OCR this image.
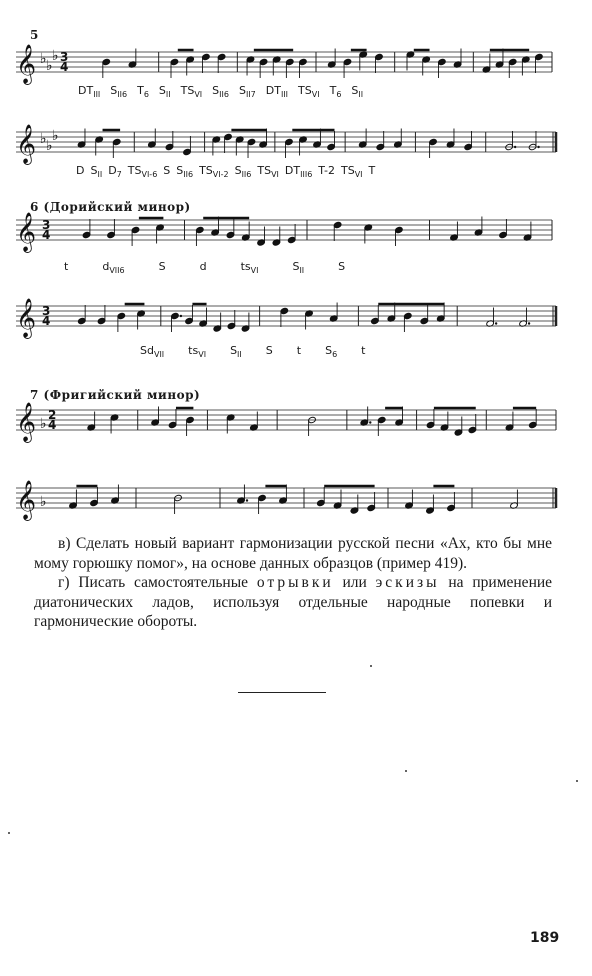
5
𝄞 ♭ ♭
♭ 3
4
$DT_{III}$ $S_{II6}$ $T_6$ $S_{II}$ $TS_{VI}$ $S_{II6}$ $S_{II7}$ $DT_{III}$ $TS_{VI}$ $T_6$ $S_{II}$
𝄞 ♭ ♭
♭
D $S_{II}$ $D_7$ $TS_{VI-6}$ S $S_{II6}$ $TS_{VI-2}$ $S_{II6}$ $TS_{VI}$ $DT_{III6}$ T-2 $TS_{VI}$ T
6 (Дорийский минор)
𝄞 3
4
t	$d_{VII6}$	S	d	$ts_{VI}$	$S_{II}$	S
𝄞 3
4
$Sd_{VII}$ $ts_{VI}$ $S_{II}$ S t $S_6$ t
7 (Фригийский минор)
𝄞 ♭
2
4
𝄞 ♭

в) Сделать новый вариант гармонизации русской песни «Ах, кто бы мне мому горюшку помог», на основе данных образцов (пример 419).

г) Писать самостоятельные отрывки или эскизы на применение диатонических ладов, используя отдельные народные попевки и гармонические обороты.

189
